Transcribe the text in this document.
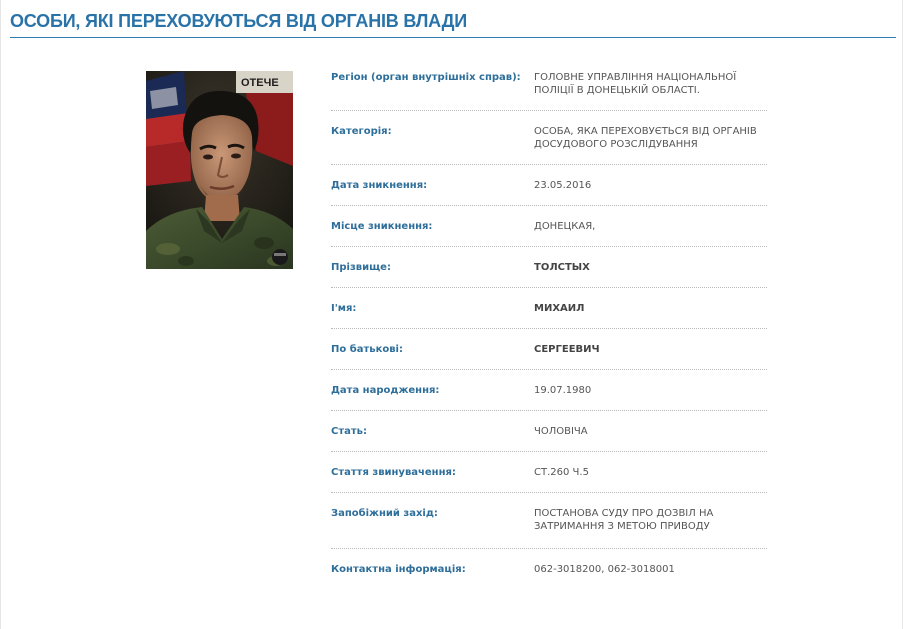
ОСОБИ, ЯКІ ПЕРЕХОВУЮТЬСЯ ВІД ОРГАНІВ ВЛАДИ
ОТЕЧЕ	Регіон (орган внутрішніх справ):	ГОЛОВНЕ УПРАВЛІННЯ НАЦІОНАЛЬНОЇ ПОЛІЦІЇ В ДОНЕЦЬКІЙ ОБЛАСТІ.
Категорія:	ОСОБА, ЯКА ПЕРЕХОВУЄТЬСЯ ВІД ОРГАНІВ ДОСУДОВОГО РОЗСЛІДУВАННЯ
Дата зникнення:	23.05.2016
Місце зникнення:	ДОНЕЦКАЯ,
Прізвище:	ТОЛСТЫХ
І'мя:	МИХАИЛ
По батькові:	СЕРГЕЕВИЧ
Дата народження:	19.07.1980
Стать:	ЧОЛОВІЧА
Стаття звинувачення:	СТ.260 Ч.5
Запобіжний захід:	ПОСТАНОВА СУДУ ПРО ДОЗВІЛ НА ЗАТРИМАННЯ З МЕТОЮ ПРИВОДУ
Контактна інформація:	062-3018200, 062-3018001
